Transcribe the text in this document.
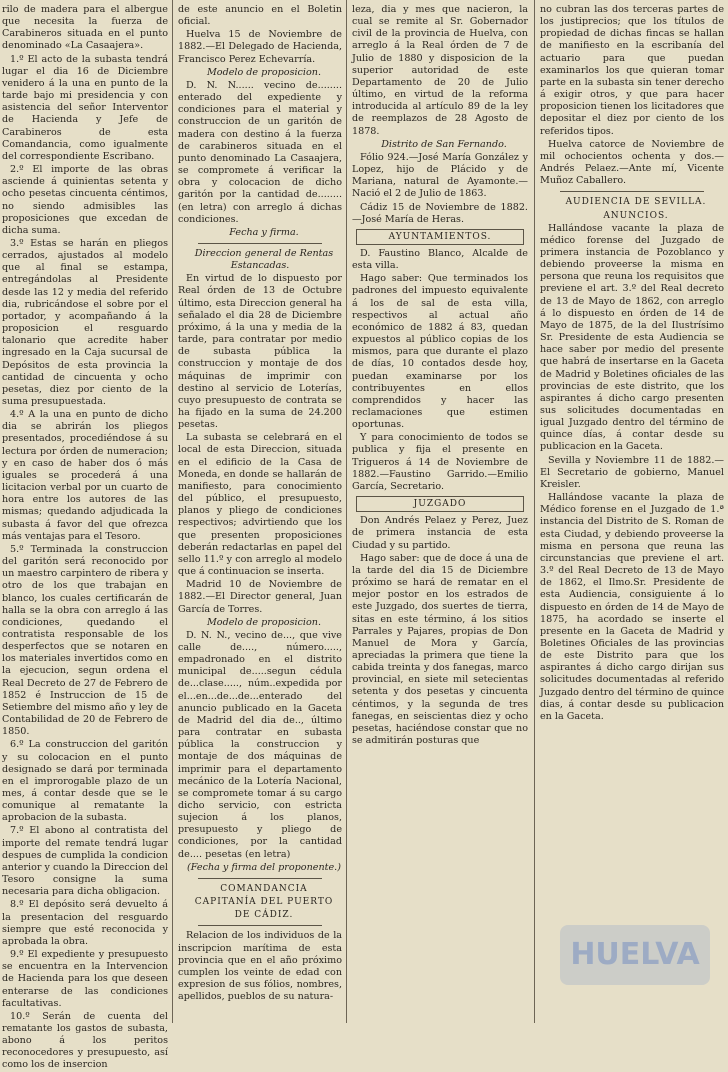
rilo de madera para el albergue que necesita la fuerza de Carabineros situada en el punto denominado «La Casaajera».

1.º El acto de la subasta tendrá lugar el dia 16 de Diciembre venidero á la una en punto de la tarde bajo mi presidencia y con asistencia del señor Interventor de Hacienda y Jefe de Carabineros de esta Comandancia, como igualmente del correspondiente Escribano.

2.º El importe de las obras asciende á quinientas setenta y ocho pesetas cincuenta céntimos, no siendo admisibles las proposiciones que excedan de dicha suma.

3.º Estas se harán en pliegos cerrados, ajustados al modelo que al final se estampa, entregándolas al Presidente desde las 12 y media del referido dia, rubricándose el sobre por el portador, y acompañando á la proposicion el resguardo talonario que acredite haber ingresado en la Caja sucursal de Depósitos de esta provincia la cantidad de cincuenta y ocho pesetas, diez por ciento de la suma presupuestada.

4.º A la una en punto de dicho dia se abrirán los pliegos presentados, procediéndose á su lectura por órden de numeracion; y en caso de haber dos ó más iguales se procederá á una licitacion verbal por un cuarto de hora entre los autores de las mismas; quedando adjudicada la subasta á favor del que ofrezca más ventajas para el Tesoro.

5.º Terminada la construccion del garitón será reconocido por un maestro carpintero de ribera y otro de los que trabajan en blanco, los cuales certificarán de halla se la obra con arreglo á las condiciones, quedando el contratista responsable de los desperfectos que se notaren en los materiales invertidos como en la ejecucion, segun ordena el Real Decreto de 27 de Febrero de 1852 é Instruccion de 15 de Setiembre del mismo año y ley de Contabilidad de 20 de Febrero de 1850.

6.º La construccion del garitón y su colocacion en el punto designado se dará por terminada en el improrogable plazo de un mes, á contar desde que se le comunique al rematante la aprobacion de la subasta.

7.º El abono al contratista del importe del remate tendrá lugar despues de cumplida la condicion anterior y cuando la Direccion del Tesoro consigne la suma necesaria para dicha obligacion.

8.º El depósito será devuelto á la presentacion del resguardo siempre que esté reconocida y aprobada la obra.

9.º El expediente y presupuesto se encuentra en la Intervencion de Hacienda para los que deseen enterarse de las condiciones facultativas.

10.º Serán de cuenta del rematante los gastos de subasta, abono á los peritos reconocedores y presupuesto, así como los de insercion

de este anuncio en el Boletin oficial.

Huelva 15 de Noviembre de 1882.—El Delegado de Hacienda, Francisco Perez Echevarría.

Modelo de proposicion.

D. N. N...... vecino de........ enterado del expediente y condiciones para el material y construccion de un garitón de madera con destino á la fuerza de carabineros situada en el punto denominado La Casaajera, se compromete á verificar la obra y colocacion de dicho garitón por la cantidad de........ (en letra) con arreglo á dichas condiciones.

Fecha y firma.

Direccion general de Rentas Estancadas.

En virtud de lo dispuesto por Real órden de 13 de Octubre último, esta Direccion general ha señalado el dia 28 de Diciembre próximo, á la una y media de la tarde, para contratar por medio de subasta pública la construccion y montaje de dos máquinas de imprimir con destino al servicio de Loterías, cuyo presupuesto de contrata se ha fijado en la suma de 24.200 pesetas.

La subasta se celebrará en el local de esta Direccion, situada en el edificio de la Casa de Moneda, en donde se hallarán de manifiesto, para conocimiento del público, el presupuesto, planos y pliego de condiciones respectivos; advirtiendo que los que presenten proposiciones deberán redactarlas en papel del sello 11.º y con arreglo al modelo que á continuacion se inserta.

Madrid 10 de Noviembre de 1882.—El Director general, Juan García de Torres.

Modelo de proposicion.

D. N. N., vecino de..., que vive calle de...., número....., empadronado en el distrito municipal de.....segun cédula de...clase....., núm..expedida por el...en...de...de...enterado del anuncio publicado en la Gaceta de Madrid del dia de.., último para contratar en subasta pública la construccion y montaje de dos máquinas de imprimir para el departamento mecánico de la Lotería Nacional, se compromete tomar á su cargo dicho servicio, con estricta sujecion á los planos, presupuesto y pliego de condiciones, por la cantidad de.... pesetas (en letra)

(Fecha y firma del proponente.)

COMANDANCIA

CAPITANÍA DEL PUERTO

DE CÁDIZ.

Relacion de los individuos de la inscripcion marítima de esta provincia que en el año próximo cumplen los veinte de edad con expresion de sus fólios, nombres, apellidos, pueblos de su natura-

leza, dia y mes que nacieron, la cual se remite al Sr. Gobernador civil de la provincia de Huelva, con arreglo á la Real órden de 7 de Julio de 1880 y disposicion de la superior autoridad de este Departamento de 20 de Julio último, en virtud de la reforma introducida al artículo 89 de la ley de reemplazos de 28 Agosto de 1878.

Distrito de San Fernando.

Fólio 924.—José María González y Lopez, hijo de Plácido y de Mariana, natural de Ayamonte.—Nació el 2 de Julio de 1863.

Cádiz 15 de Noviembre de 1882.—José María de Heras.

AYUNTAMIENTOS.

D. Faustino Blanco, Alcalde de esta villa.

Hago saber: Que terminados los padrones del impuesto equivalente á los de sal de esta villa, respectivos al actual año económico de 1882 á 83, quedan expuestos al público copias de los mismos, para que durante el plazo de días, 10 contados desde hoy, puedan examinarse por los contribuyentes en ellos comprendidos y hacer las reclamaciones que estimen oportunas.

Y para conocimiento de todos se publica y fija el presente en Trigueros á 14 de Noviembre de 1882.—Faustino Garrido.—Emilio García, Secretario.

JUZGADO

Don Andrés Pelaez y Perez, Juez de primera instancia de esta Ciudad y su partido.

Hago saber: que de doce á una de la tarde del dia 15 de Diciembre próximo se hará de rematar en el mejor postor en los estrados de este Juzgado, dos suertes de tierra, sitas en este término, á los sitios Parrales y Pajares, propias de Don Manuel de Mora y García, apreciadas la primera que tiene la cabida treinta y dos fanegas, marco provincial, en siete mil setecientas setenta y dos pesetas y cincuenta céntimos, y la segunda de tres fanegas, en seiscientas diez y ocho pesetas, haciéndose constar que no se admitirán posturas que

no cubran las dos terceras partes de los justiprecios; que los títulos de propiedad de dichas fincas se hallan de manifiesto en la escribanía del actuario para que puedan examinarlos los que quieran tomar parte en la subasta sin tener derecho á exigir otros, y que para hacer proposicion tienen los licitadores que depositar el diez por ciento de los referidos tipos.

Huelva catorce de Noviembre de mil ochocientos ochenta y dos.—Andrés Pelaez.—Ante mí, Vicente Muñoz Caballero.

AUDIENCIA DE SEVILLA.

ANUNCIOS.

Hallándose vacante la plaza de médico forense del Juzgado de primera instancia de Pozoblanco y debiendo proveerse la misma en persona que reuna los requisitos que previene el art. 3.º del Real decreto de 13 de Mayo de 1862, con arreglo á lo dispuesto en órden de 14 de Mayo de 1875, de la del Ilustrísimo Sr. Presidente de esta Audiencia se hace saber por medio del presente que habrá de insertarse en la Gaceta de Madrid y Boletines oficiales de las provincias de este distrito, que los aspirantes á dicho cargo presenten sus solicitudes documentadas en igual Juzgado dentro del término de quince días, á contar desde su publicacion en la Gaceta.

Sevilla y Noviembre 11 de 1882.—El Secretario de gobierno, Manuel Kreisler.

Hallándose vacante la plaza de Médico forense en el Juzgado de 1.ª instancia del Distrito de S. Roman de esta Ciudad, y debiendo proveerse la misma en persona que reuna las circunstancias que previene el art. 3.º del Real Decreto de 13 de Mayo de 1862, el Ilmo.Sr. Presidente de esta Audiencia, consiguiente á lo dispuesto en órden de 14 de Mayo de 1875, ha acordado se inserte el presente en la Gaceta de Madrid y Boletines Oficiales de las provincias de este Distrito para que los aspirantes á dicho cargo dirijan sus solicitudes documentadas al referido Juzgado dentro del término de quince dias, á contar desde su publicacion en la Gaceta.

HUELVA
